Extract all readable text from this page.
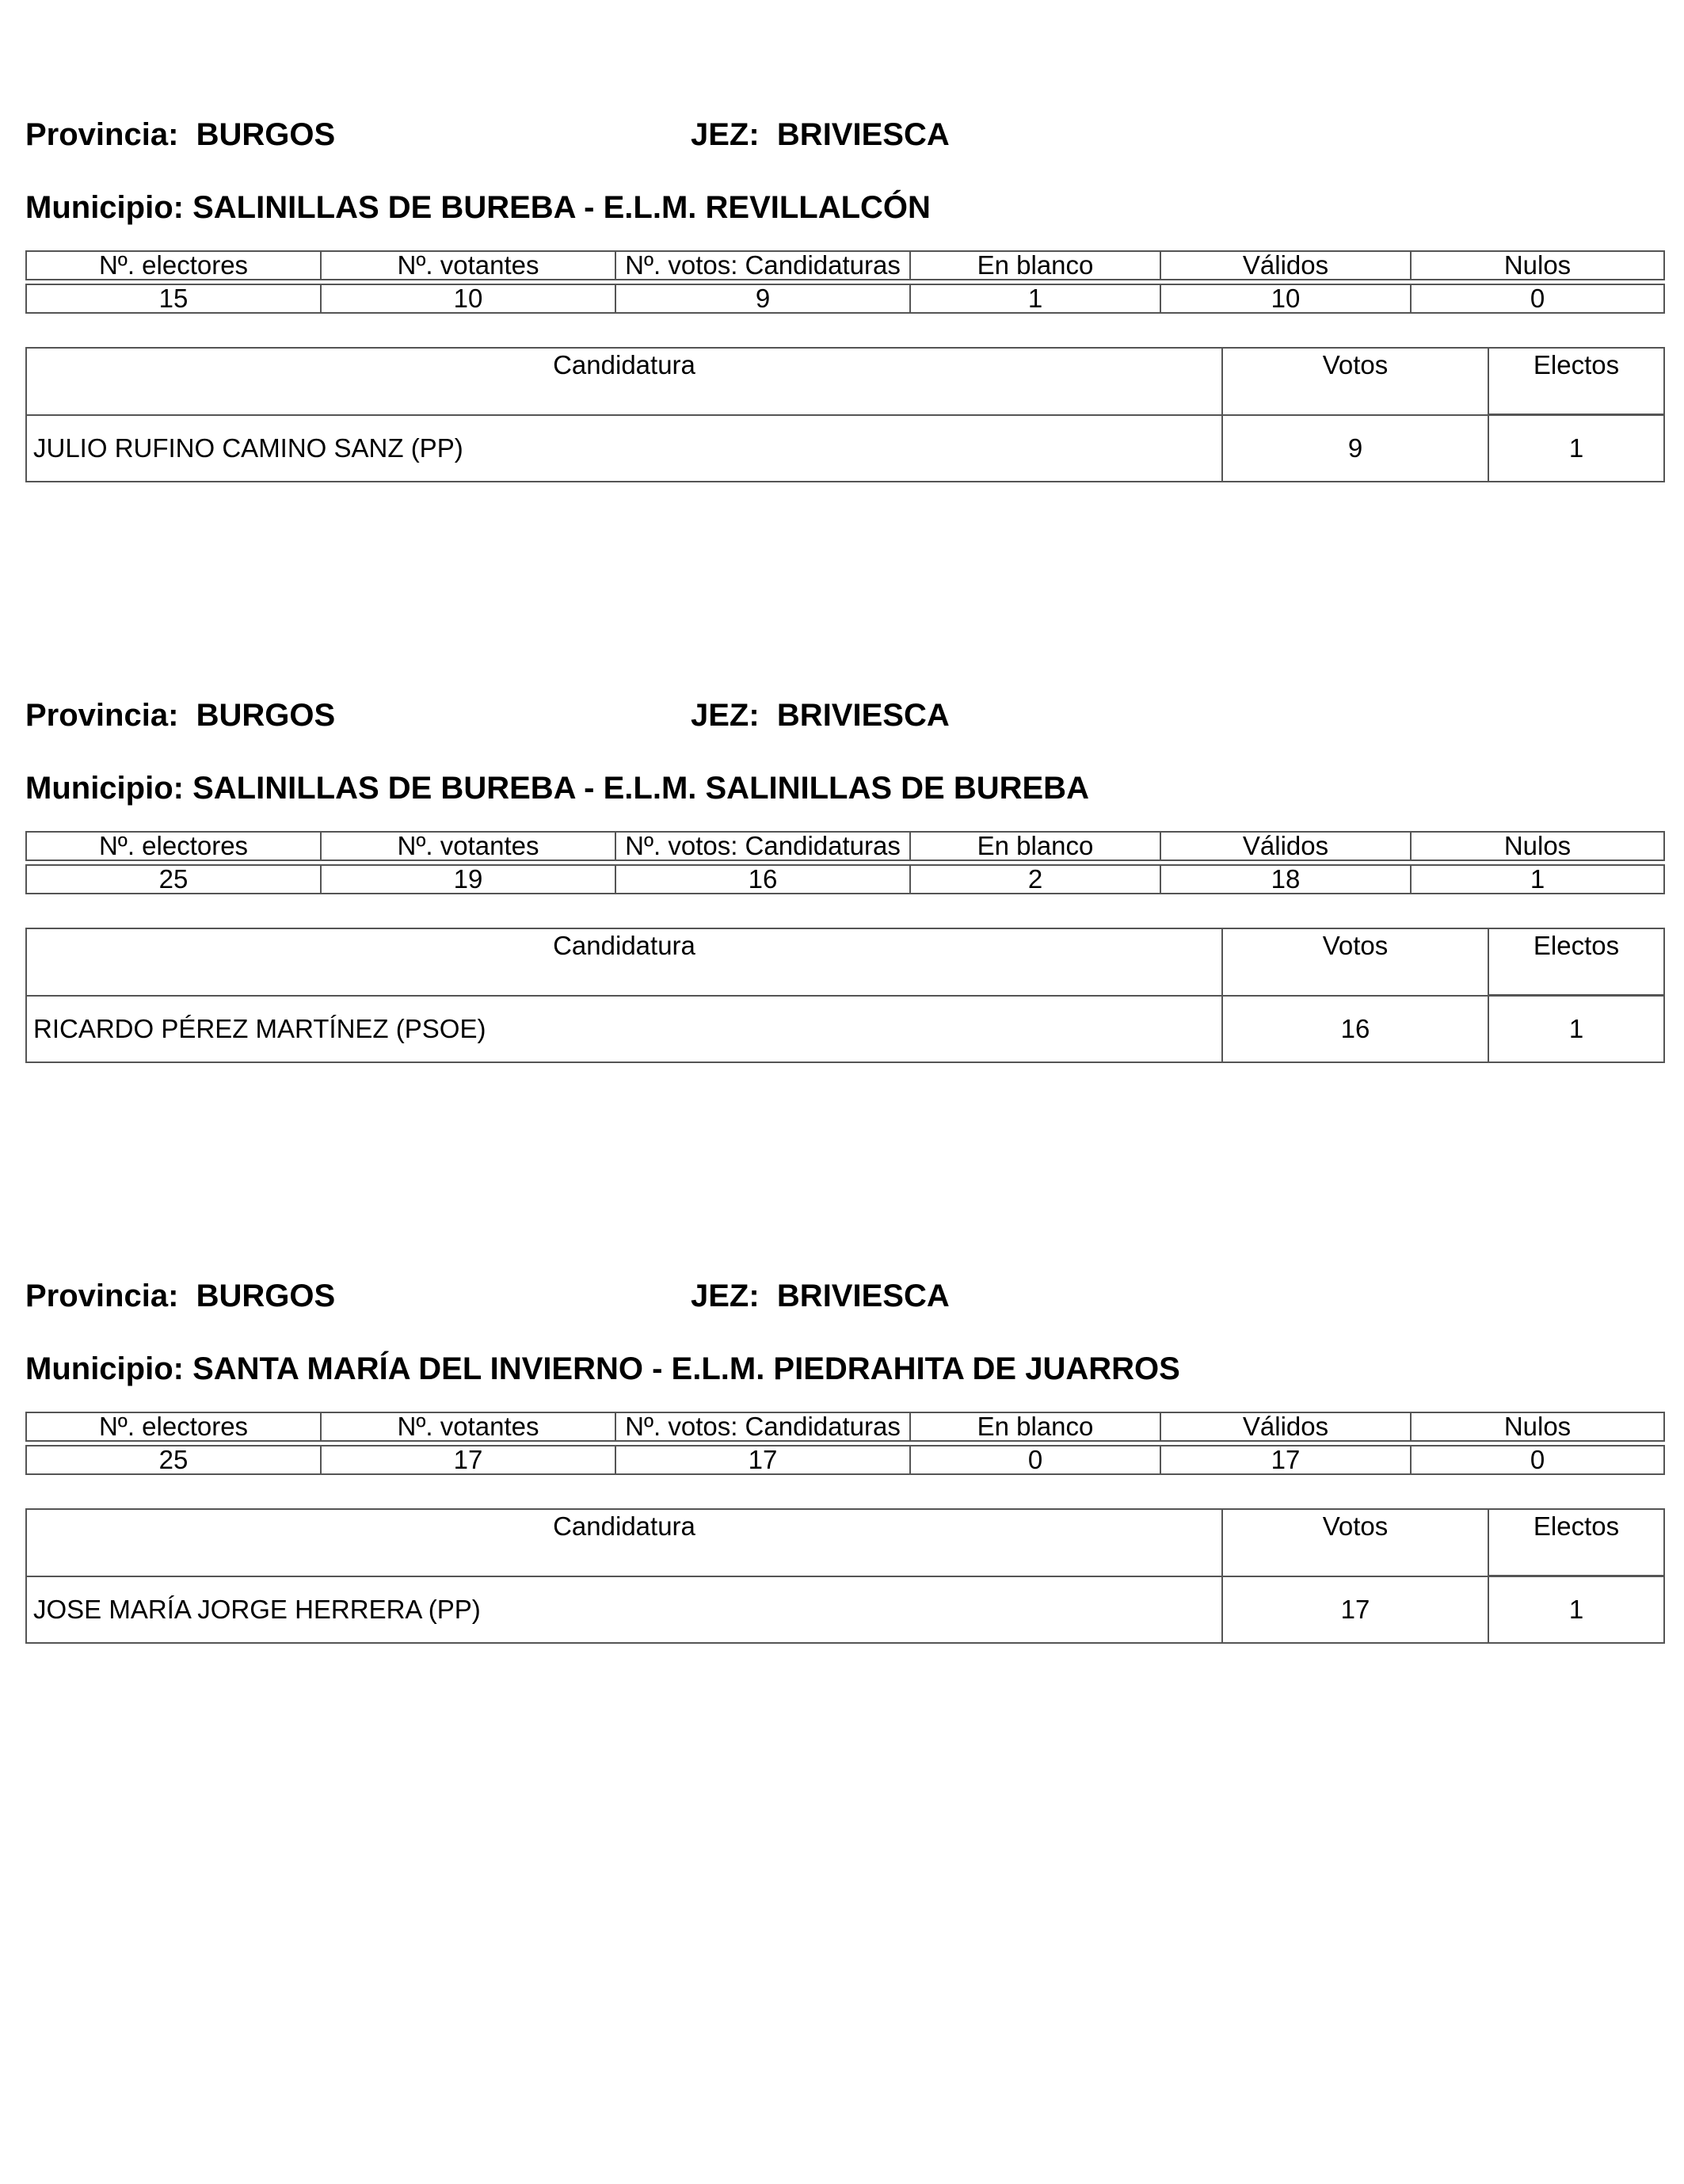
Provincia: BURGOS	JEZ: BRIVIESCA
Municipio: SALINILLAS DE BUREBA - E.L.M. REVILLALCÓN
Nº. electores	Nº. votantes	Nº. votos: Candidaturas	En blanco	Válidos	Nulos

15	10	9	1	10	0
Candidatura	Votos	Electos
JULIO RUFINO CAMINO SANZ (PP)	9	1
Provincia: BURGOS	JEZ: BRIVIESCA
Municipio: SALINILLAS DE BUREBA - E.L.M. SALINILLAS DE BUREBA
Nº. electores	Nº. votantes	Nº. votos: Candidaturas	En blanco	Válidos	Nulos

25	19	16	2	18	1
Candidatura	Votos	Electos
RICARDO PÉREZ MARTÍNEZ (PSOE)	16	1
Provincia: BURGOS	JEZ: BRIVIESCA
Municipio: SANTA MARÍA DEL INVIERNO - E.L.M. PIEDRAHITA DE JUARROS
Nº. electores	Nº. votantes	Nº. votos: Candidaturas	En blanco	Válidos	Nulos

25	17	17	0	17	0
Candidatura	Votos	Electos
JOSE MARÍA JORGE HERRERA (PP)	17	1
